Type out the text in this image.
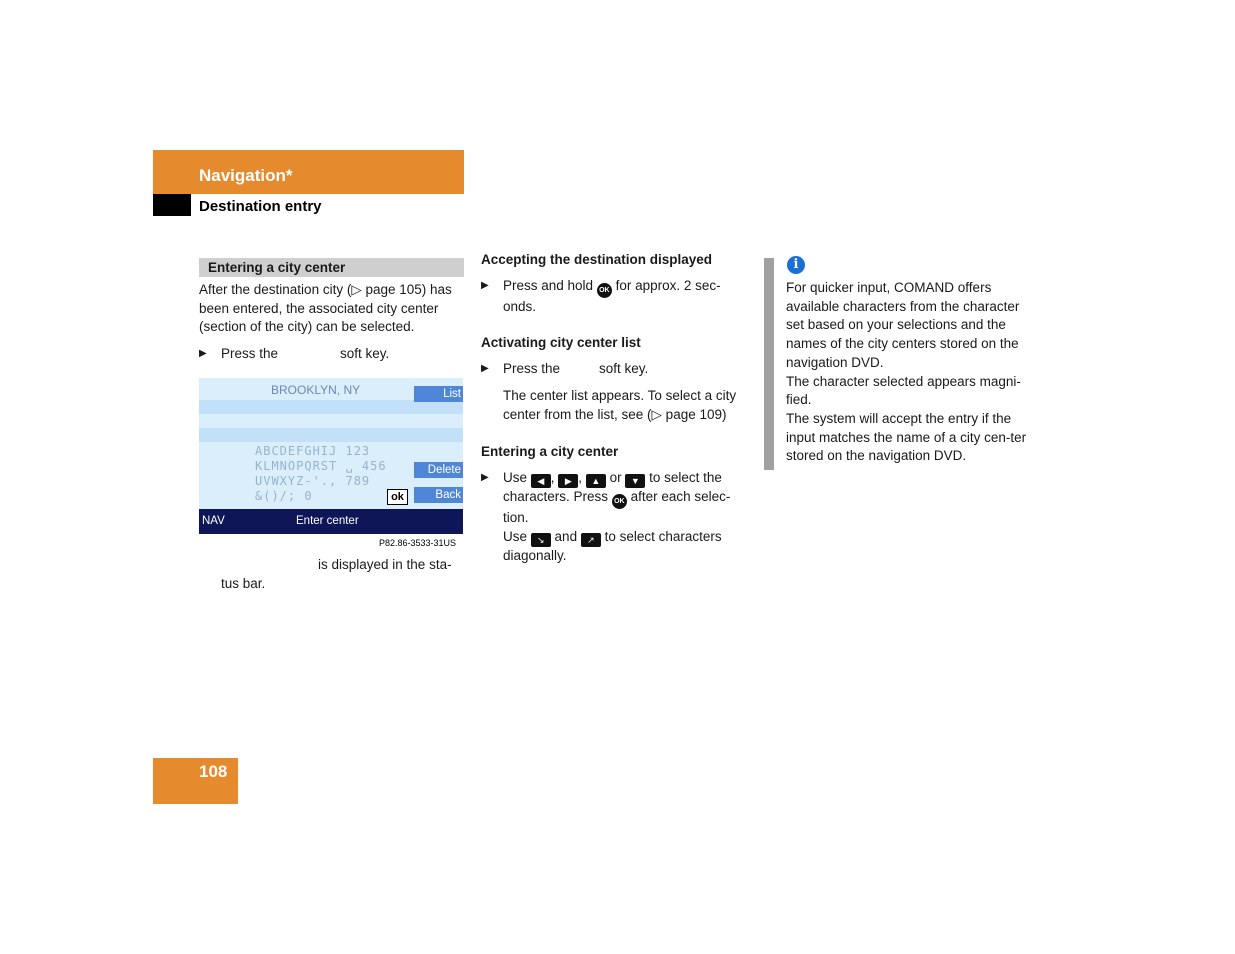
Navigation*
Destination entry
Entering a city center
After the destination city (▷ page 105) has been entered, the associated city center (section of the city) can be selected.
▶ Press the	soft key.
BROOKLYN, NY	List
ABCDEFGHIJ 123
KLMNOPQRST ␣ 456
UVWXYZ-'., 789
&()/; 0
Delete
Back
ok
NAV	Enter center
P82.86-3533-31US
is displayed in the sta-
tus bar.
Accepting the destination displayed
▶ Press and hold OK for approx. 2 sec-onds.
Activating city center list
▶ Press the	soft key.
The center list appears. To select a city center from the list, see (▷ page 109)
Entering a city center
▶ Use ◀ , ▶ , ▲ or ▼ to select the characters. Press OK after each selec-tion.
Use ↘ and ↗ to select characters diagonally.
i
For quicker input, COMAND offers available characters from the character set based on your selections and the names of the city centers stored on the navigation DVD.
The character selected appears magni-fied.
The system will accept the entry if the input matches the name of a city cen-ter stored on the navigation DVD.
108
